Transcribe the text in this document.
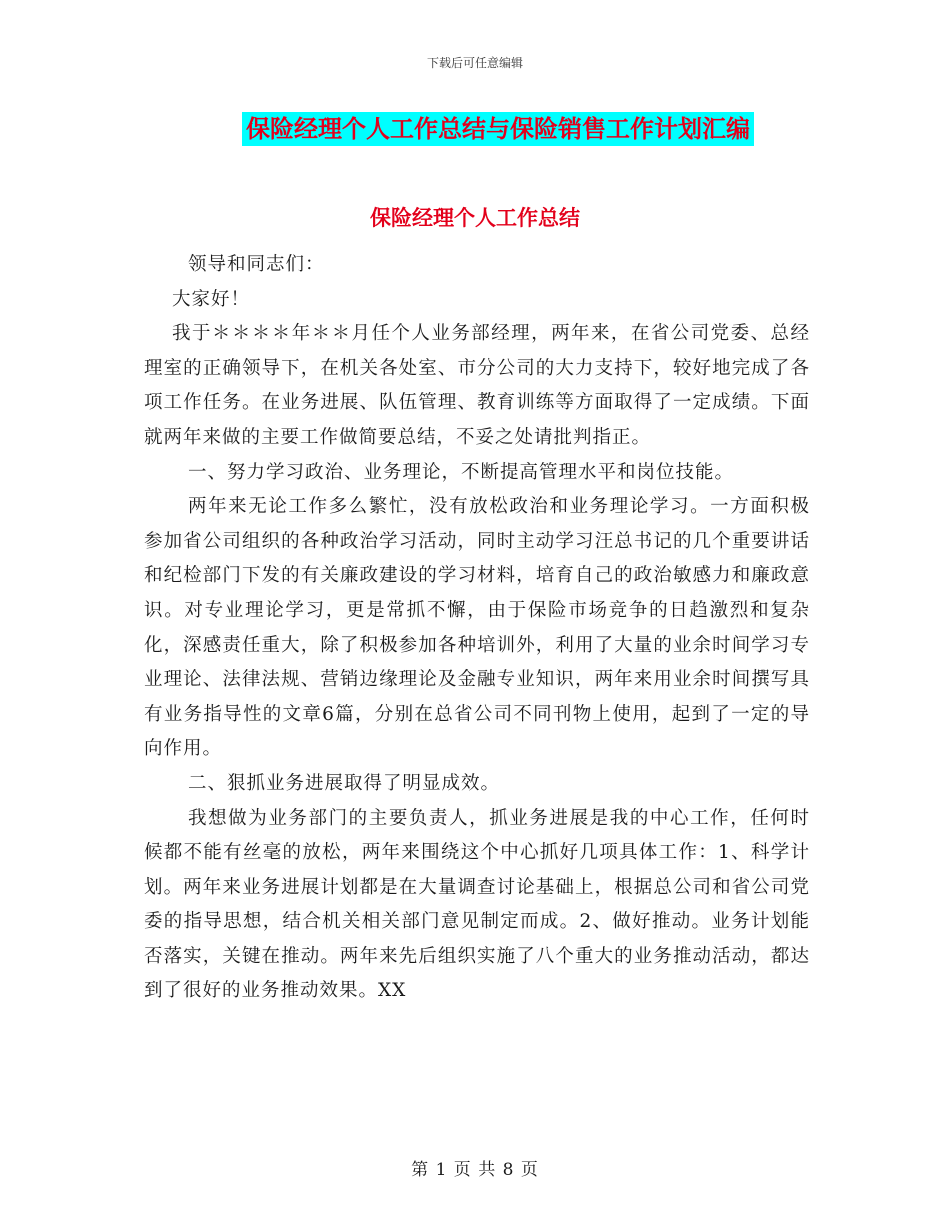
下载后可任意编辑
保险经理个人工作总结与保险销售工作计划汇编
保险经理个人工作总结

领导和同志们：

大家好！

我于＊＊＊＊年＊＊月任个人业务部经理，两年来，在省公司党委、总经理室的正确领导下，在机关各处室、市分公司的大力支持下，较好地完成了各项工作任务。在业务进展、队伍管理、教育训练等方面取得了一定成绩。下面就两年来做的主要工作做简要总结，不妥之处请批判指正。

一、努力学习政治、业务理论，不断提高管理水平和岗位技能。

两年来无论工作多么繁忙，没有放松政治和业务理论学习。一方面积极参加省公司组织的各种政治学习活动，同时主动学习汪总书记的几个重要讲话和纪检部门下发的有关廉政建设的学习材料，培育自己的政治敏感力和廉政意识。对专业理论学习，更是常抓不懈，由于保险市场竞争的日趋激烈和复杂化，深感责任重大，除了积极参加各种培训外，利用了大量的业余时间学习专业理论、法律法规、营销边缘理论及金融专业知识，两年来用业余时间撰写具有业务指导性的文章6篇，分别在总省公司不同刊物上使用，起到了一定的导向作用。

二、狠抓业务进展取得了明显成效。

我想做为业务部门的主要负责人，抓业务进展是我的中心工作，任何时候都不能有丝毫的放松，两年来围绕这个中心抓好几项具体工作：1、科学计划。两年来业务进展计划都是在大量调查讨论基础上，根据总公司和省公司党委的指导思想，结合机关相关部门意见制定而成。2、做好推动。业务计划能否落实，关键在推动。两年来先后组织实施了八个重大的业务推动活动，都达到了很好的业务推动效果。XX

第 1 页 共 8 页
